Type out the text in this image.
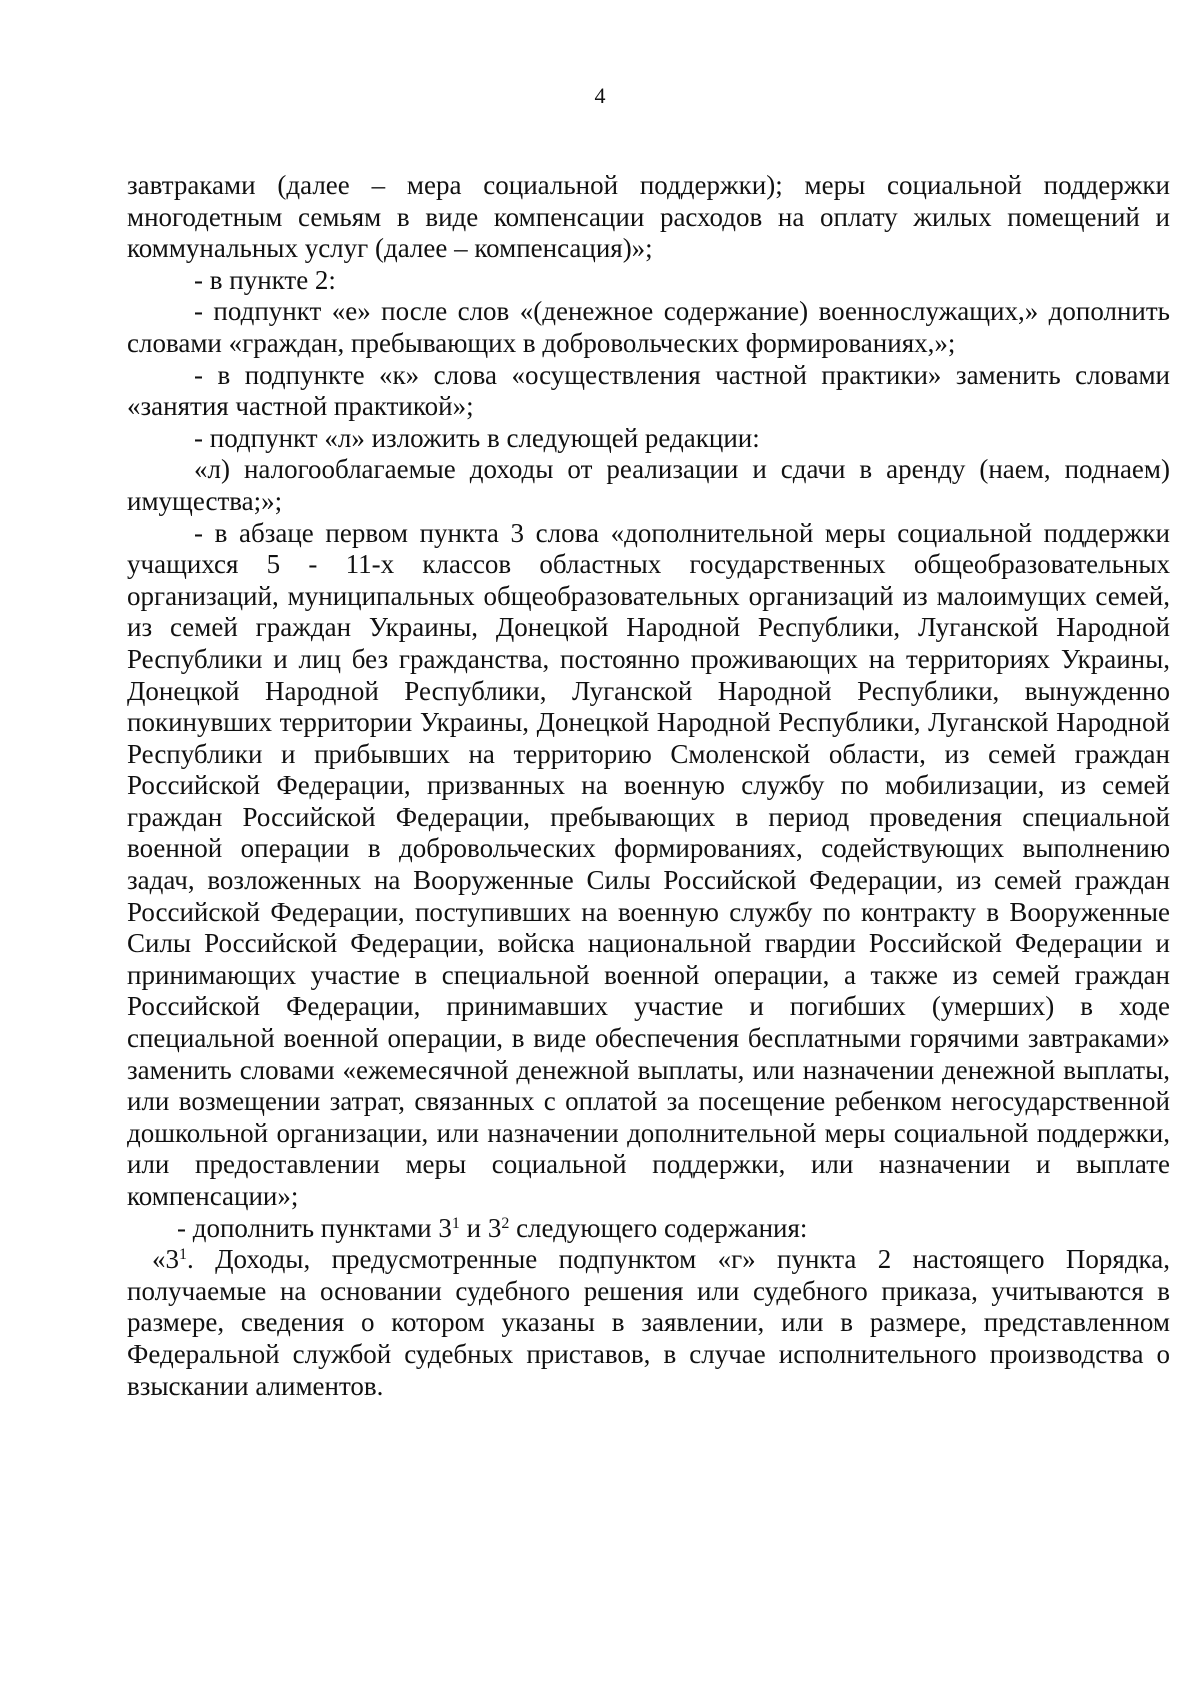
4

завтраками (далее – мера социальной поддержки); меры социальной поддержки многодетным семьям в виде компенсации расходов на оплату жилых помещений и коммунальных услуг (далее – компенсация)»;

- в пункте 2:

- подпункт «е» после слов «(денежное содержание) военнослужащих,» дополнить словами «граждан, пребывающих в добровольческих формированиях,»;

- в подпункте «к» слова «осуществления частной практики» заменить словами «занятия частной практикой»;

- подпункт «л» изложить в следующей редакции:

«л) налогооблагаемые доходы от реализации и сдачи в аренду (наем, поднаем) имущества;»;

- в абзаце первом пункта 3 слова «дополнительной меры социальной поддержки учащихся 5 - 11-х классов областных государственных общеобразовательных организаций, муниципальных общеобразовательных организаций из малоимущих семей, из семей граждан Украины, Донецкой Народной Республики, Луганской Народной Республики и лиц без гражданства, постоянно проживающих на территориях Украины, Донецкой Народной Республики, Луганской Народной Республики, вынужденно покинувших территории Украины, Донецкой Народной Республики, Луганской Народной Республики и прибывших на территорию Смоленской области, из семей граждан Российской Федерации, призванных на военную службу по мобилизации, из семей граждан Российской Федерации, пребывающих в период проведения специальной военной операции в добровольческих формированиях, содействующих выполнению задач, возложенных на Вооруженные Силы Российской Федерации, из семей граждан Российской Федерации, поступивших на военную службу по контракту в Вооруженные Силы Российской Федерации, войска национальной гвардии Российской Федерации и принимающих участие в специальной военной операции, а также из семей граждан Российской Федерации, принимавших участие и погибших (умерших) в ходе специальной военной операции, в виде обеспечения бесплатными горячими завтраками» заменить словами «ежемесячной денежной выплаты, или назначении денежной выплаты, или возмещении затрат, связанных с оплатой за посещение ребенком негосударственной дошкольной организации, или назначении дополнительной меры социальной поддержки, или предоставлении меры социальной поддержки, или назначении и выплате компенсации»;

- дополнить пунктами $3^1$ и $3^2$ следующего содержания:

«$3^1$. Доходы, предусмотренные подпунктом «г» пункта 2 настоящего Порядка, получаемые на основании судебного решения или судебного приказа, учитываются в размере, сведения о котором указаны в заявлении, или в размере, представленном Федеральной службой судебных приставов, в случае исполнительного производства о взыскании алиментов.
